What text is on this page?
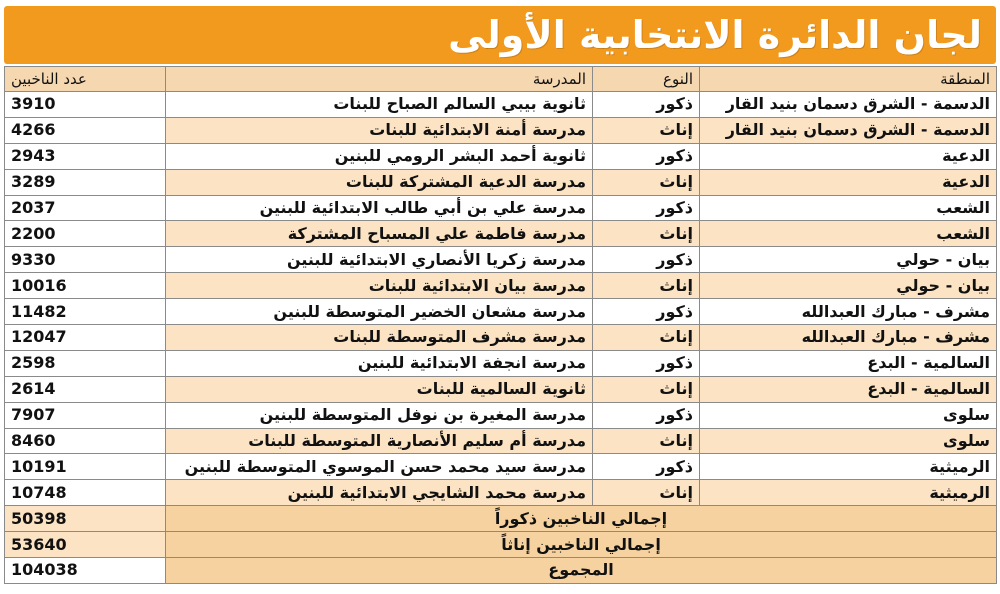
لجان الدائرة الانتخابية الأولى
عدد الناخبين	المدرسة	النوع	المنطقة
3910	ثانوية بيبي السالم الصباح للبنات	ذكور	الدسمة - الشرق دسمان بنيد القار
4266	مدرسة أمنة الابتدائية للبنات	إناث	الدسمة - الشرق دسمان بنيد القار
2943	ثانوية أحمد البشر الرومي للبنين	ذكور	الدعية
3289	مدرسة الدعية المشتركة للبنات	إناث	الدعية
2037	مدرسة علي بن أبي طالب الابتدائية للبنين	ذكور	الشعب
2200	مدرسة فاطمة علي المسباح المشتركة	إناث	الشعب
9330	مدرسة زكريا الأنصاري الابتدائية للبنين	ذكور	بيان - حولي
10016	مدرسة بيان الابتدائية للبنات	إناث	بيان - حولي
11482	مدرسة مشعان الخضير المتوسطة للبنين	ذكور	مشرف - مبارك العبدالله
12047	مدرسة مشرف المتوسطة للبنات	إناث	مشرف - مبارك العبدالله
2598	مدرسة انجفة الابتدائية للبنين	ذكور	السالمية - البدع
2614	ثانوية السالمية للبنات	إناث	السالمية - البدع
7907	مدرسة المغيرة بن نوفل المتوسطة للبنين	ذكور	سلوى
8460	مدرسة أم سليم الأنصارية المتوسطة للبنات	إناث	سلوى
10191	مدرسة سيد محمد حسن الموسوي المتوسطة للبنين	ذكور	الرميثية
10748	مدرسة محمد الشايجي الابتدائية للبنين	إناث	الرميثية
50398	إجمالي الناخبين ذكوراً		
53640	إجمالي الناخبين إناثاً		
104038	المجموع		
